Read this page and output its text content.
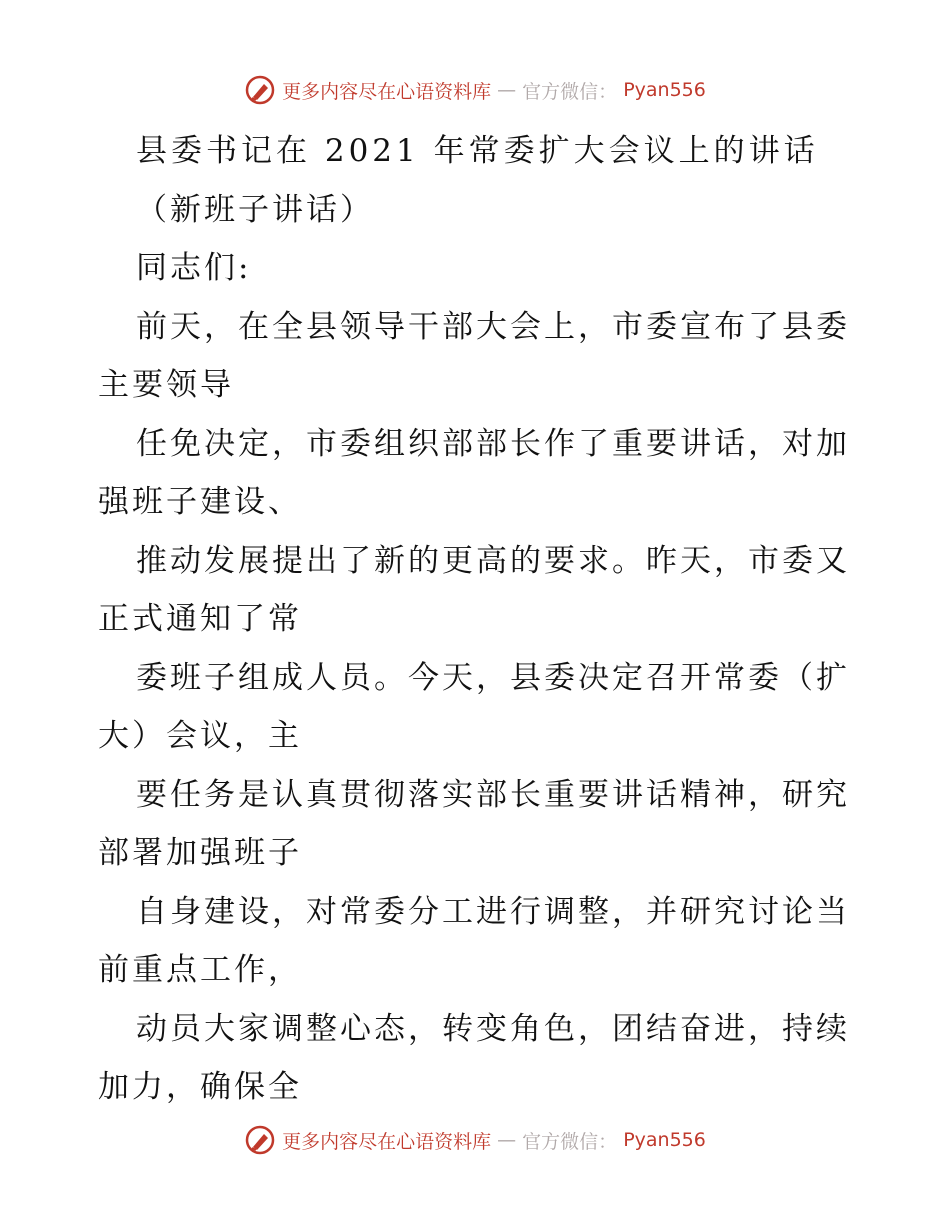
更多内容尽在心语资料库 — 官方微信： Pyan556
县委书记在 2021 年常委扩大会议上的讲话
（新班子讲话）
同志们:
前天，在全县领导干部大会上，市委宣布了县委
主要领导
任免决定，市委组织部部长作了重要讲话，对加
强班子建设、
推动发展提出了新的更高的要求。昨天，市委又
正式通知了常
委班子组成人员。今天，县委决定召开常委（扩
大）会议，主
要任务是认真贯彻落实部长重要讲话精神，研究
部署加强班子
自身建设，对常委分工进行调整，并研究讨论当
前重点工作，
动员大家调整心态，转变角色，团结奋进，持续
加力，确保全
更多内容尽在心语资料库 — 官方微信： Pyan556
